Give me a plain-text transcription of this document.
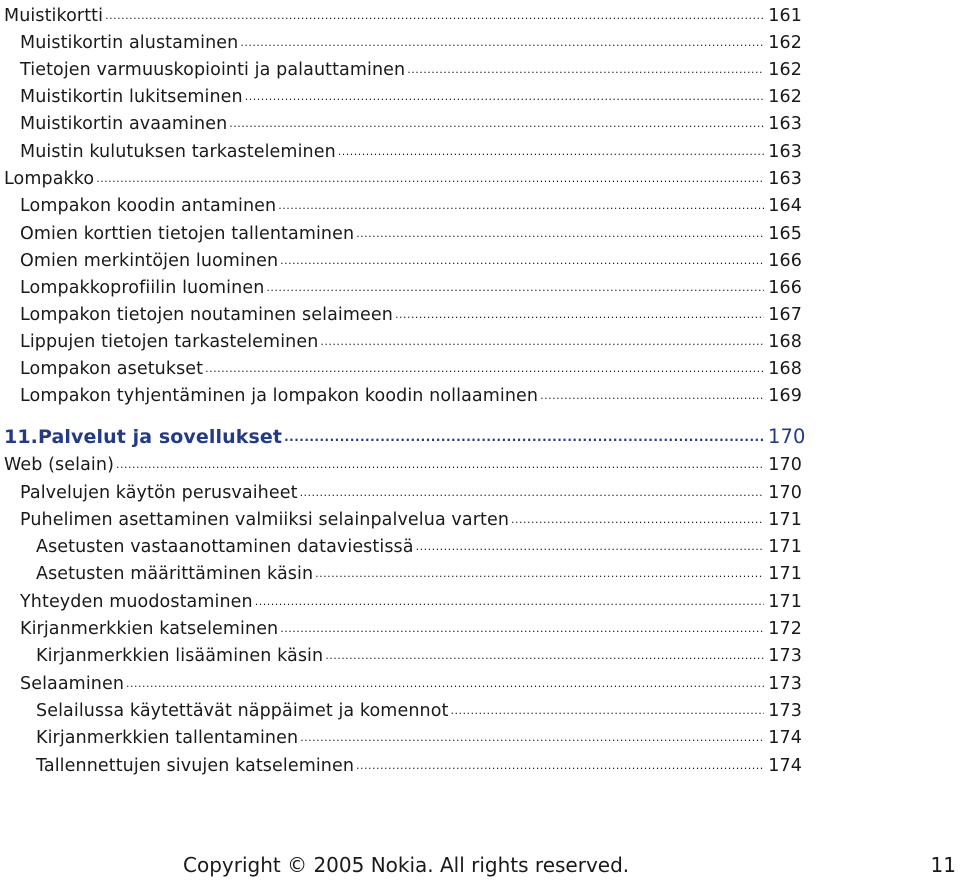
Muistikortti .....	161
Muistikortin alustaminen .....	162
Tietojen varmuuskopiointi ja palauttaminen .....	162
Muistikortin lukitseminen .....	162
Muistikortin avaaminen .....	163
Muistin kulutuksen tarkasteleminen .....	163
Lompakko .....	163
Lompakon koodin antaminen .....	164
Omien korttien tietojen tallentaminen .....	165
Omien merkintöjen luominen .....	166
Lompakkoprofiilin luominen .....	166
Lompakon tietojen noutaminen selaimeen .....	167
Lippujen tietojen tarkasteleminen .....	168
Lompakon asetukset .....	168
Lompakon tyhjentäminen ja lompakon koodin nollaaminen .....	169
11.Palvelut ja sovellukset .....	170
Web (selain) .....	170
Palvelujen käytön perusvaiheet .....	170
Puhelimen asettaminen valmiiksi selainpalvelua varten .....	171
Asetusten vastaanottaminen dataviestissä .....	171
Asetusten määrittäminen käsin .....	171
Yhteyden muodostaminen .....	171
Kirjanmerkkien katseleminen .....	172
Kirjanmerkkien lisääminen käsin .....	173
Selaaminen .....	173
Selailussa käytettävät näppäimet ja komennot .....	173
Kirjanmerkkien tallentaminen .....	174
Tallennettujen sivujen katseleminen .....	174
Copyright © 2005 Nokia. All rights reserved.	11
